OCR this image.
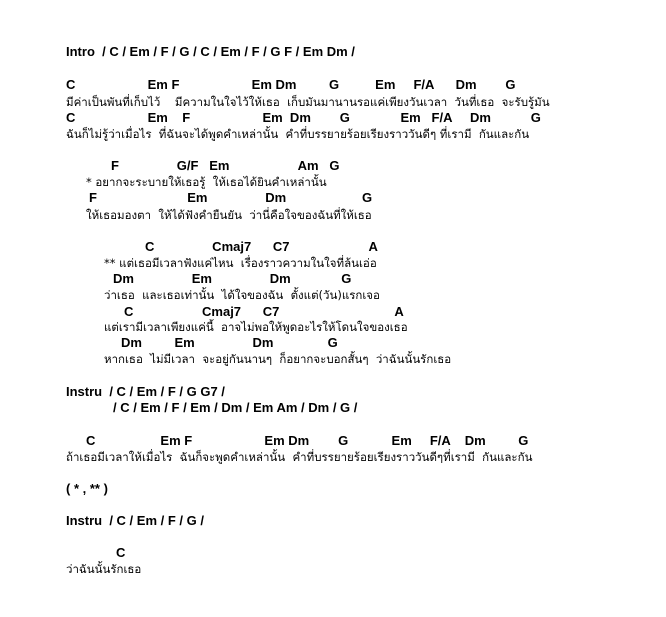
Intro  / C / Em / F / G / C / Em / F / G F / Em Dm /
C                    Em F                    Em Dm         G          Em     F/A      Dm        G
มีค่าเป็นพันที่เก็บไว้    มีความในใจไว้ให้เธอ  เก็บมันมานานรอแค่เพียงวันเวลา  วันที่เธอ  จะรับรู้มัน
C                    Em    F                    Em  Dm        G              Em   F/A     Dm           G
ฉันก็ไม่รู้ว่าเมื่อไร  ที่ฉันจะได้พูดคำเหล่านั้น  คำที่บรรยายร้อยเรียงราววันดีๆ ที่เรามี  กันและกัน
F                G/F   Em                   Am   G
* อยากจะระบายให้เธอรู้  ให้เธอได้ยินคำเหล่านั้น
F                         Em                Dm                     G
ให้เธอมองตา  ให้ได้ฟังคำยืนยัน  ว่านี่คือใจของฉันที่ให้เธอ
C                Cmaj7      C7                      A
** แต่เธอมีเวลาฟังแค่ไหน  เรื่องราวความในใจที่ล้นเอ่อ
Dm                Em                Dm              G
ว่าเธอ  และเธอเท่านั้น  ได้ใจของฉัน  ตั้งแต่(วัน)แรกเจอ
C                   Cmaj7      C7                                A
แต่เรามีเวลาเพียงแค่นี้  อาจไม่พอให้พูดอะไรให้โดนใจของเธอ
Dm         Em                Dm               G
หากเธอ  ไม่มีเวลา  จะอยู่กันนานๆ  ก็อยากจะบอกสั้นๆ  ว่าฉันนั้นรักเธอ
Instru  / C / Em / F / G G7 /
/ C / Em / F / Em / Dm / Em Am / Dm / G /
C                  Em F                    Em Dm        G            Em     F/A    Dm         G
ถ้าเธอมีเวลาให้เมื่อไร  ฉันก็จะพูดคำเหล่านั้น  คำที่บรรยายร้อยเรียงราววันดีๆที่เรามี  กันและกัน
( * , ** )
Instru  / C / Em / F / G /
C
ว่าฉันนั้นรักเธอ
